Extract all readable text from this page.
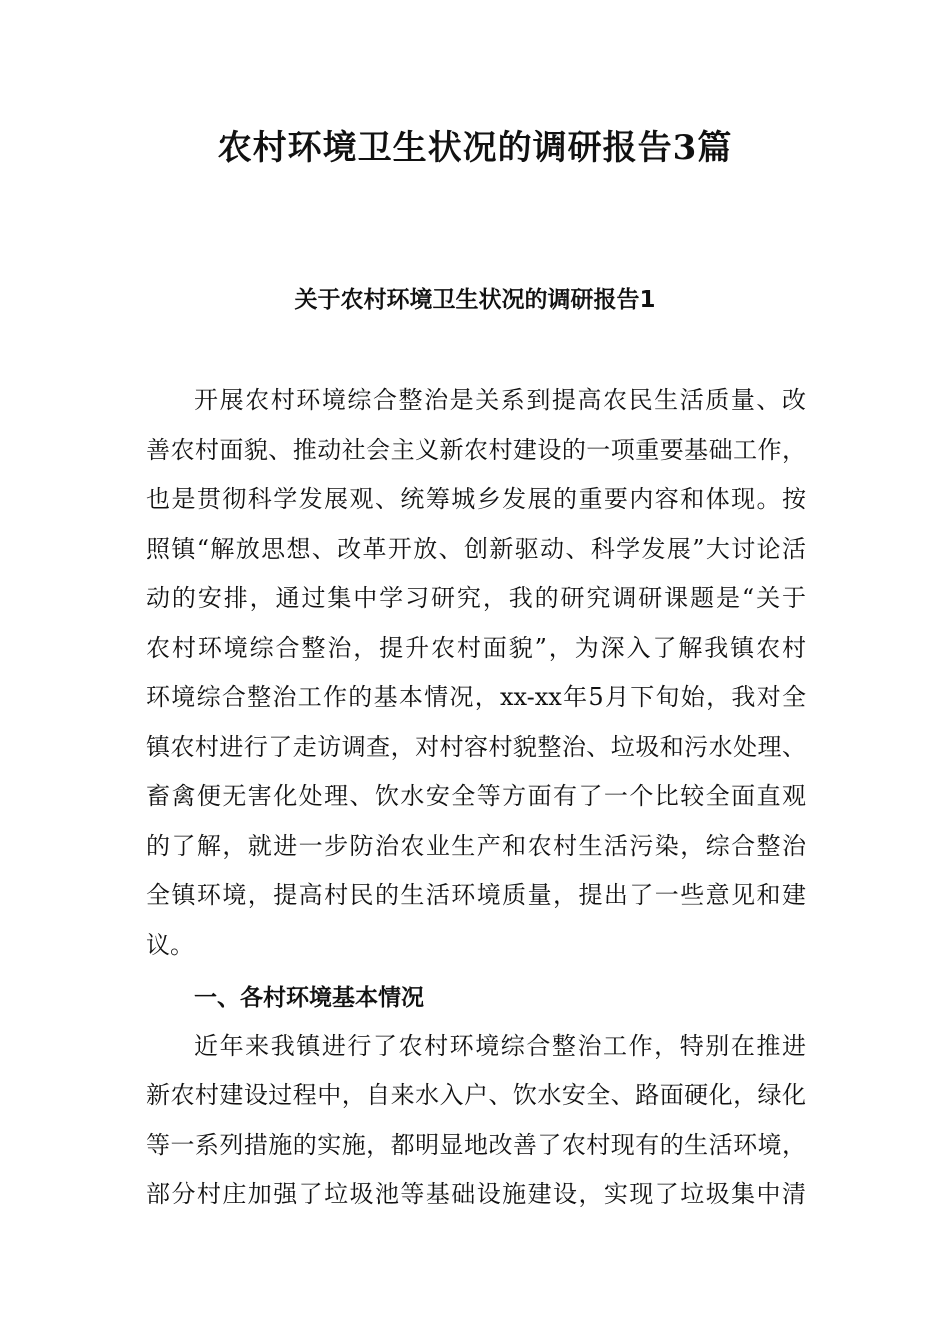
农村环境卫生状况的调研报告3篇
关于农村环境卫生状况的调研报告1
开展农村环境综合整治是关系到提高农民生活质量、改
善农村面貌、推动社会主义新农村建设的一项重要基础工作，
也是贯彻科学发展观、统筹城乡发展的重要内容和体现。按
照镇“解放思想、改革开放、创新驱动、科学发展”大讨论活
动的安排，通过集中学习研究，我的研究调研课题是“关于
农村环境综合整治，提升农村面貌”，为深入了解我镇农村
环境综合整治工作的基本情况，xx-xx年5月下旬始，我对全
镇农村进行了走访调查，对村容村貌整治、垃圾和污水处理、
畜禽便无害化处理、饮水安全等方面有了一个比较全面直观
的了解，就进一步防治农业生产和农村生活污染，综合整治
全镇环境，提高村民的生活环境质量，提出了一些意见和建
议。
一、各村环境基本情况
近年来我镇进行了农村环境综合整治工作，特别在推进
新农村建设过程中，自来水入户、饮水安全、路面硬化，绿化
等一系列措施的实施，都明显地改善了农村现有的生活环境，
部分村庄加强了垃圾池等基础设施建设，实现了垃圾集中清
